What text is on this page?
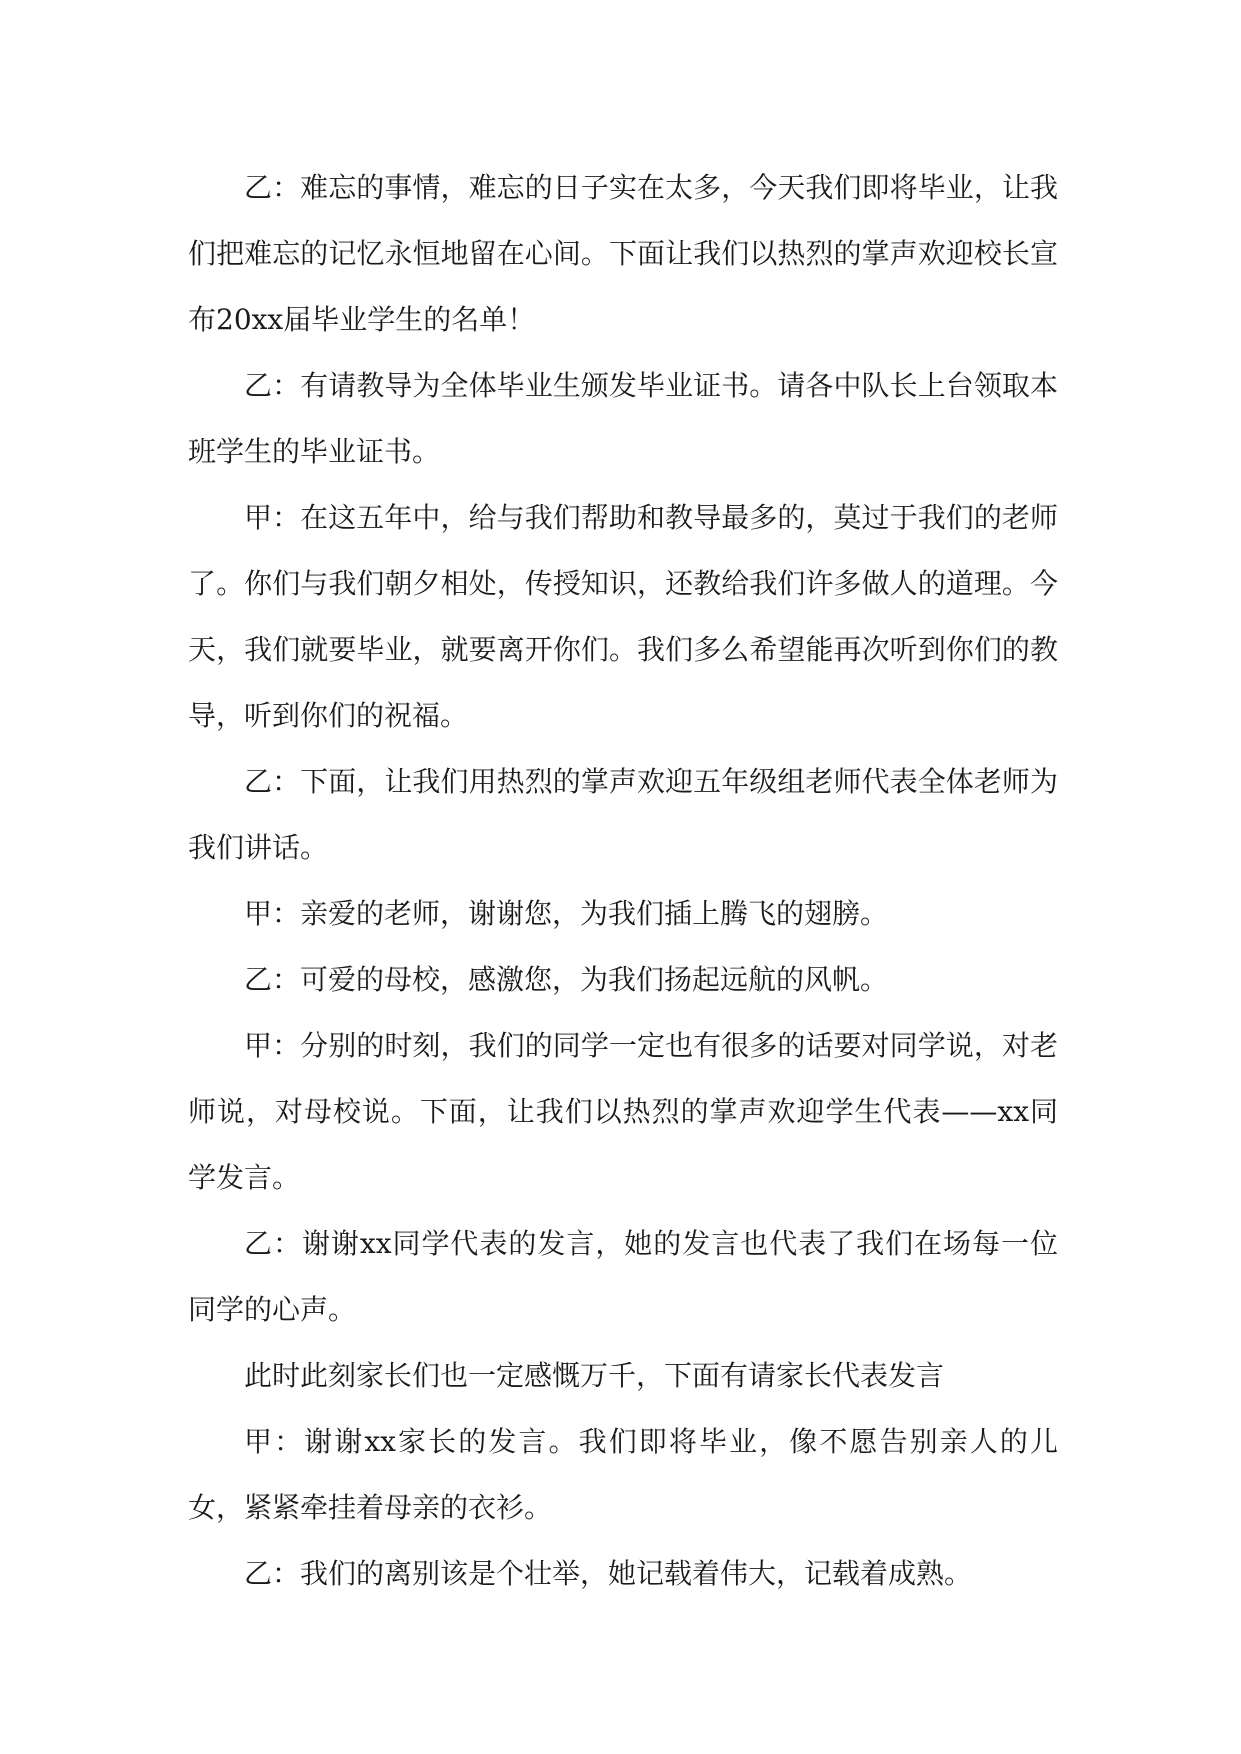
乙：难忘的事情，难忘的日子实在太多，今天我们即将毕业，让我们把难忘的记忆永恒地留在心间。下面让我们以热烈的掌声欢迎校长宣布20xx届毕业学生的名单！

乙：有请教导为全体毕业生颁发毕业证书。请各中队长上台领取本班学生的毕业证书。

甲：在这五年中，给与我们帮助和教导最多的，莫过于我们的老师了。你们与我们朝夕相处，传授知识，还教给我们许多做人的道理。今天，我们就要毕业，就要离开你们。我们多么希望能再次听到你们的教导，听到你们的祝福。

乙：下面，让我们用热烈的掌声欢迎五年级组老师代表全体老师为我们讲话。

甲：亲爱的老师，谢谢您，为我们插上腾飞的翅膀。

乙：可爱的母校，感激您，为我们扬起远航的风帆。

甲：分别的时刻，我们的同学一定也有很多的话要对同学说，对老师说，对母校说。下面，让我们以热烈的掌声欢迎学生代表——xx同学发言。

乙：谢谢xx同学代表的发言，她的发言也代表了我们在场每一位同学的心声。

此时此刻家长们也一定感慨万千，下面有请家长代表发言

甲：谢谢xx家长的发言。我们即将毕业，像不愿告别亲人的儿女，紧紧牵挂着母亲的衣衫。

乙：我们的离别该是个壮举，她记载着伟大，记载着成熟。
